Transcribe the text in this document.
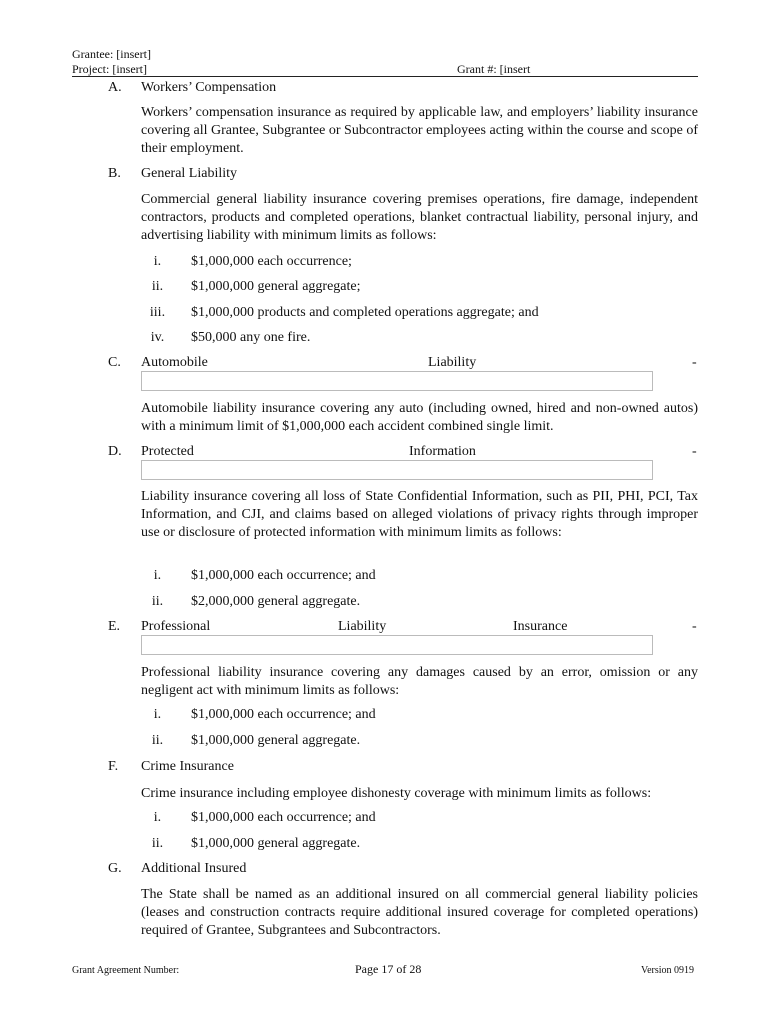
Grantee: [insert]
Project: [insert]	Grant #: [insert
A. Workers’ Compensation
Workers’ compensation insurance as required by applicable law, and employers’ liability insurance covering all Grantee, Subgrantee or Subcontractor employees acting within the course and scope of their employment.
B. General Liability
Commercial general liability insurance covering premises operations, fire damage, independent contractors, products and completed operations, blanket contractual liability, personal injury, and advertising liability with minimum limits as follows:
i.	$1,000,000 each occurrence;
ii.	$1,000,000 general aggregate;
iii.	$1,000,000 products and completed operations aggregate; and
iv.	$50,000 any one fire.
C. Automobile	Liability	-
Automobile liability insurance covering any auto (including owned, hired and non-owned autos) with a minimum limit of $1,000,000 each accident combined single limit.
D. Protected	Information	-
Liability insurance covering all loss of State Confidential Information, such as PII, PHI, PCI, Tax Information, and CJI, and claims based on alleged violations of privacy rights through improper use or disclosure of protected information with minimum limits as follows:
i.	$1,000,000 each occurrence; and
ii.	$2,000,000 general aggregate.
E. Professional	Liability	Insurance	-
Professional liability insurance covering any damages caused by an error, omission or any negligent act with minimum limits as follows:
i.	$1,000,000 each occurrence; and
ii.	$1,000,000 general aggregate.
F. Crime Insurance
Crime insurance including employee dishonesty coverage with minimum limits as follows:
i.	$1,000,000 each occurrence; and
ii.	$1,000,000 general aggregate.
G. Additional Insured
The State shall be named as an additional insured on all commercial general liability policies (leases and construction contracts require additional insured coverage for completed operations) required of Grantee, Subgrantees and Subcontractors.
Grant Agreement Number:	Page 17 of 28	Version 0919
